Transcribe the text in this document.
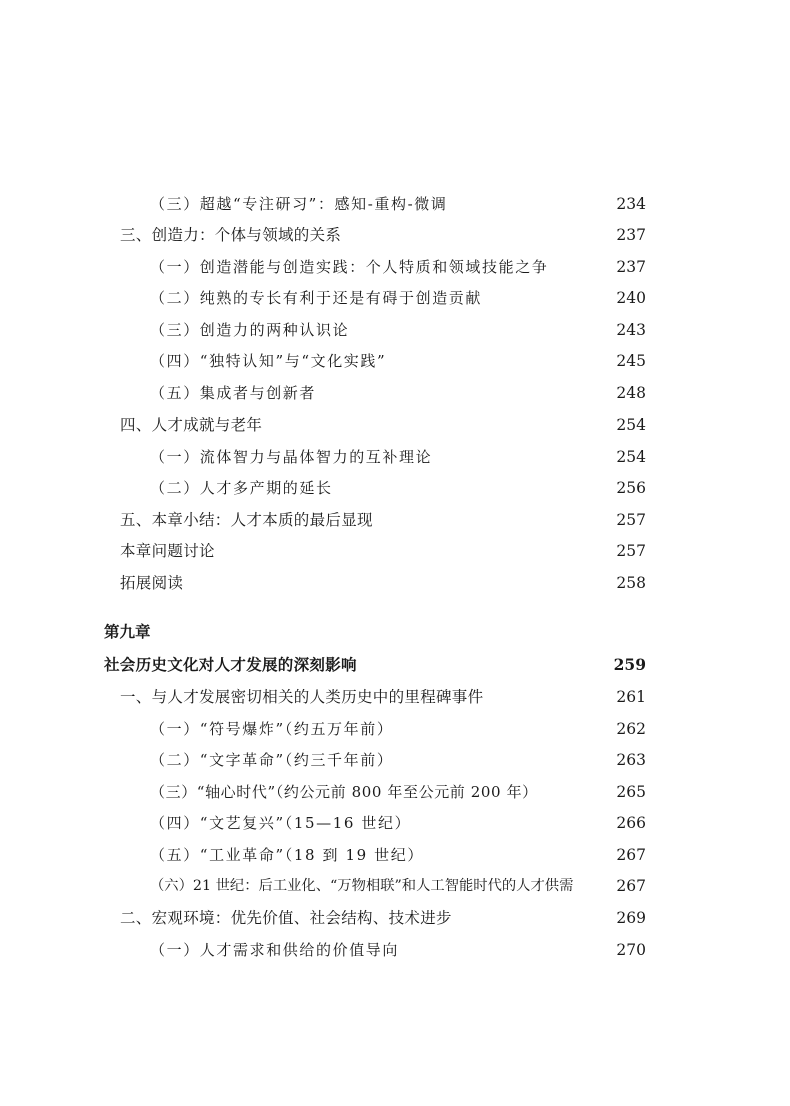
（三）超越“专注研习”：感知-重构-微调	234
三、创造力：个体与领域的关系	237
（一）创造潜能与创造实践：个人特质和领域技能之争	237
（二）纯熟的专长有利于还是有碍于创造贡献	240
（三）创造力的两种认识论	243
（四）“独特认知”与“文化实践”	245
（五）集成者与创新者	248
四、人才成就与老年	254
（一）流体智力与晶体智力的互补理论	254
（二）人才多产期的延长	256
五、本章小结：人才本质的最后显现	257
本章问题讨论	257
拓展阅读	258
第九章
社会历史文化对人才发展的深刻影响	259
一、与人才发展密切相关的人类历史中的里程碑事件	261
（一）“符号爆炸”（约五万年前）	262
（二）“文字革命”（约三千年前）	263
（三）“轴心时代”（约公元前 800 年至公元前 200 年）	265
（四）“文艺复兴”（15—16 世纪）	266
（五）“工业革命”（18 到 19 世纪）	267
（六）21 世纪：后工业化、“万物相联”和人工智能时代的人才供需	267
二、宏观环境：优先价值、社会结构、技术进步	269
（一）人才需求和供给的价值导向	270
